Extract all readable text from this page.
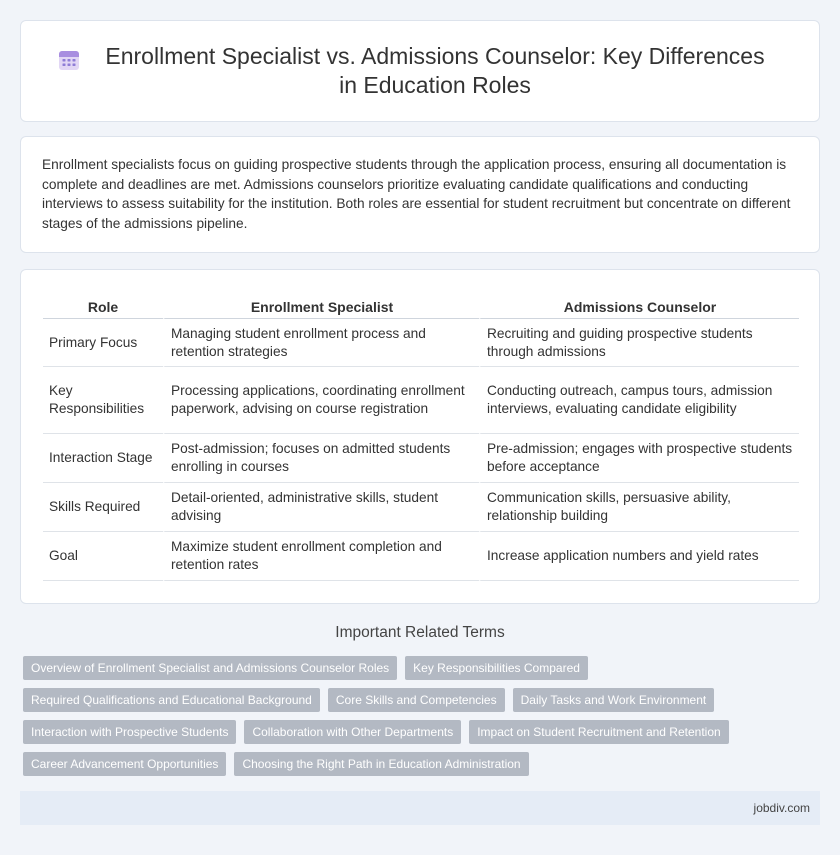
Enrollment Specialist vs. Admissions Counselor: Key Differences in Education Roles

Enrollment specialists focus on guiding prospective students through the application process, ensuring all documentation is complete and deadlines are met. Admissions counselors prioritize evaluating candidate qualifications and conducting interviews to assess suitability for the institution. Both roles are essential for student recruitment but concentrate on different stages of the admissions pipeline.

Role	Enrollment Specialist	Admissions Counselor
Primary Focus	Managing student enrollment process and retention strategies	Recruiting and guiding prospective students through admissions
Key Responsibilities	Processing applications, coordinating enrollment paperwork, advising on course registration	Conducting outreach, campus tours, admission interviews, evaluating candidate eligibility
Interaction Stage	Post-admission; focuses on admitted students enrolling in courses	Pre-admission; engages with prospective students before acceptance
Skills Required	Detail-oriented, administrative skills, student advising	Communication skills, persuasive ability, relationship building
Goal	Maximize student enrollment completion and retention rates	Increase application numbers and yield rates
Important Related Terms
Overview of Enrollment Specialist and Admissions Counselor Roles	Key Responsibilities Compared
Required Qualifications and Educational Background	Core Skills and Competencies	Daily Tasks and Work Environment
Interaction with Prospective Students	Collaboration with Other Departments	Impact on Student Recruitment and Retention
Career Advancement Opportunities	Choosing the Right Path in Education Administration
jobdiv.com
